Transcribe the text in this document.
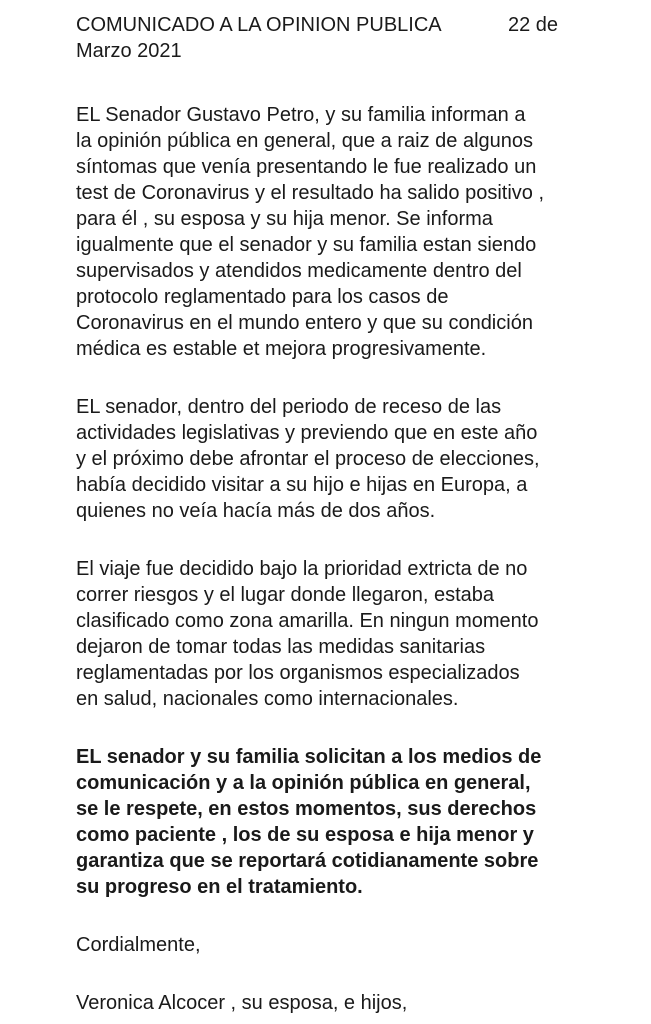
COMUNICADO A LA OPINION PUBLICA	22 de
Marzo 2021
EL Senador Gustavo Petro, y su familia informan a
la opinión pública en general, que a raiz de algunos
síntomas que venía presentando le fue realizado un
test de Coronavirus y el resultado ha salido positivo ,
para él , su esposa y su hija menor. Se informa
igualmente que el senador y su familia estan siendo
supervisados y atendidos medicamente dentro del
protocolo reglamentado para los casos de
Coronavirus en el mundo entero y que su condición
médica es estable et mejora progresivamente.
EL senador, dentro del periodo de receso de las
actividades legislativas y previendo que en este año
y el próximo debe afrontar el proceso de elecciones,
había decidido visitar a su hijo e hijas en Europa, a
quienes no veía hacía más de dos años.
El viaje fue decidido bajo la prioridad extricta de no
correr riesgos y el lugar donde llegaron, estaba
clasificado como zona amarilla. En ningun momento
dejaron de tomar todas las medidas sanitarias
reglamentadas por los organismos especializados
en salud, nacionales como internacionales.
EL senador y su familia solicitan a los medios de
comunicación y a la opinión pública en general,
se le respete, en estos momentos, sus derechos
como paciente , los de su esposa e hija menor y
garantiza que se reportará cotidianamente sobre
su progreso en el tratamiento.
Cordialmente,
Veronica Alcocer , su esposa, e hijos,
